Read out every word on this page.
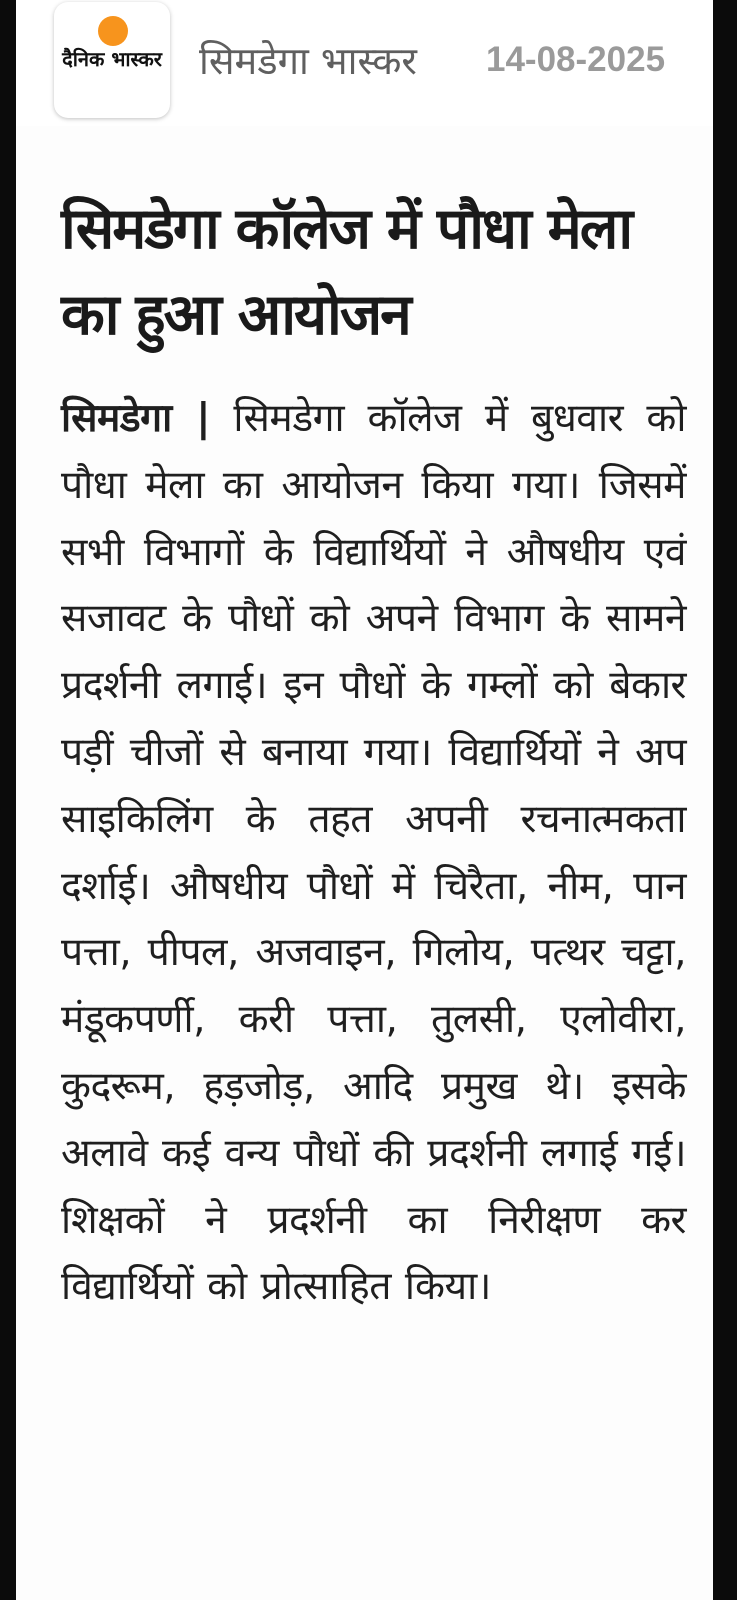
दैनिक भास्कर सिमडेगा भास्कर 14-08-2025
सिमडेगा कॉलेज में पौधा मेला का हुआ आयोजन

सिमडेगा | सिमडेगा कॉलेज में बुधवार को पौधा मेला का आयोजन किया गया। जिसमें सभी विभागों के विद्यार्थियों ने औषधीय एवं सजावट के पौधों को अपने विभाग के सामने प्रदर्शनी लगाई। इन पौधों के गम्लों को बेकार पड़ीं चीजों से बनाया गया। विद्यार्थियों ने अप साइकिलिंग के तहत अपनी रचनात्मकता दर्शाई। औषधीय पौधों में चिरैता, नीम, पान पत्ता, पीपल, अजवाइन, गिलोय, पत्थर चट्टा, मंडूकपर्णी, करी पत्ता, तुलसी, एलोवीरा, कुदरूम, हड़जोड़, आदि प्रमुख थे। इसके अलावे कई वन्य पौधों की प्रदर्शनी लगाई गई। शिक्षकों ने प्रदर्शनी का निरीक्षण कर विद्यार्थियों को प्रोत्साहित किया।
